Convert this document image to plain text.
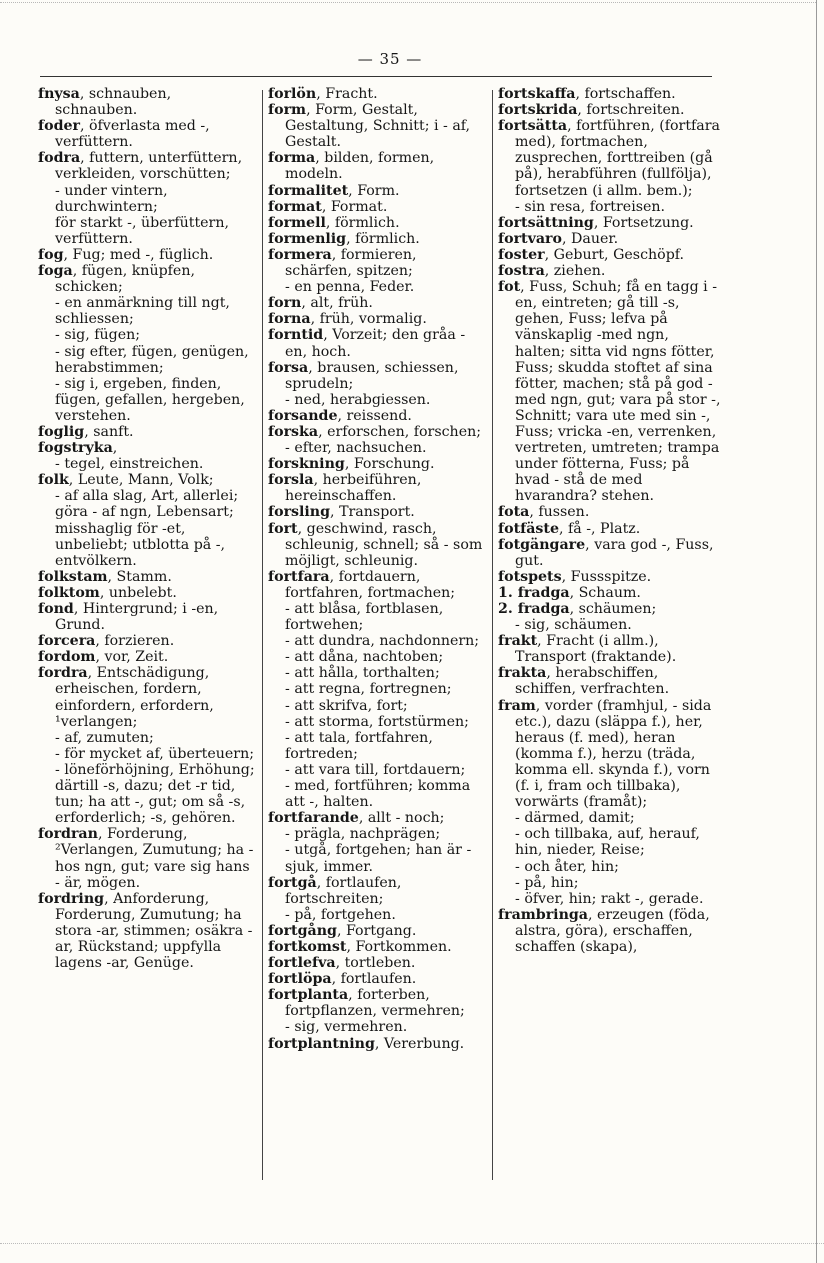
— 35 —

fnysa, schnauben, schnauben.

foder, öfverlasta med -, verfüttern.

fodra, futtern, unterfüttern, verkleiden, vorschütten;

- under vintern, durchwintern;

för starkt -, überfüttern, verfüttern.

fog, Fug; med -, füglich.

foga, fügen, knüpfen, schicken;

- en anmärkning till ngt, schliessen;

- sig, fügen;

- sig efter, fügen, genügen, herabstimmen;

- sig i, ergeben, finden, fügen, gefallen, hergeben, verstehen.

foglig, sanft.

fogstryka,

- tegel, einstreichen.

folk, Leute, Mann, Volk;

- af alla slag, Art, allerlei; göra - af ngn, Lebensart; misshaglig för -et, unbeliebt; utblotta på -, entvölkern.

folkstam, Stamm.

folktom, unbelebt.

fond, Hintergrund; i -en, Grund.

forcera, forzieren.

fordom, vor, Zeit.

fordra, Entschädigung, erheischen, fordern, einfordern, erfordern, ¹verlangen;

- af, zumuten;

- för mycket af, überteuern;

- löneförhöjning, Erhöhung; därtill -s, dazu; det -r tid, tun; ha att -, gut; om så -s, erforderlich; -s, gehören.

fordran, Forderung, ²Verlangen, Zumutung; ha - hos ngn, gut; vare sig hans - är, mögen.

fordring, Anforderung, Forderung, Zumutung; ha stora -ar, stimmen; osäkra -ar, Rückstand; uppfylla lagens -ar, Genüge.

forlön, Fracht.

form, Form, Gestalt, Gestaltung, Schnitt; i - af, Gestalt.

forma, bilden, formen, modeln.

formalitet, Form.

format, Format.

formell, förmlich.

formenlig, förmlich.

formera, formieren, schärfen, spitzen;

- en penna, Feder.

forn, alt, früh.

forna, früh, vormalig.

forntid, Vorzeit; den gråa -en, hoch.

forsa, brausen, schiessen, sprudeln;

- ned, herabgiessen.

forsande, reissend.

forska, erforschen, forschen;

- efter, nachsuchen.

forskning, Forschung.

forsla, herbeiführen, hereinschaffen.

forsling, Transport.

fort, geschwind, rasch, schleunig, schnell; så - som möjligt, schleunig.

fortfara, fortdauern, fortfahren, fortmachen;

- att blåsa, fortblasen, fortwehen;

- att dundra, nachdonnern;

- att dåna, nachtoben;

- att hålla, torthalten;

- att regna, fortregnen;

- att skrifva, fort;

- att storma, fortstürmen;

- att tala, fortfahren, fortreden;

- att vara till, fortdauern;

- med, fortführen; komma att -, halten.

fortfarande, allt - noch;

- prägla, nachprägen;

- utgå, fortgehen; han är - sjuk, immer.

fortgå, fortlaufen, fortschreiten;

- på, fortgehen.

fortgång, Fortgang.

fortkomst, Fortkommen.

fortlefva, tortleben.

fortlöpa, fortlaufen.

fortplanta, forterben, fortpflanzen, vermehren;

- sig, vermehren.

fortplantning, Vererbung.

fortskaffa, fortschaffen.

fortskrida, fortschreiten.

fortsätta, fortführen, (fortfara med), fortmachen, zusprechen, forttreiben (gå på), herabführen (fullfölja), fortsetzen (i allm. bem.);

- sin resa, fortreisen.

fortsättning, Fortsetzung.

fortvaro, Dauer.

foster, Geburt, Geschöpf.

fostra, ziehen.

fot, Fuss, Schuh; få en tagg i -en, eintreten; gå till -s, gehen, Fuss; lefva på vänskaplig -med ngn, halten; sitta vid ngns fötter, Fuss; skudda stoftet af sina fötter, machen; stå på god - med ngn, gut; vara på stor -, Schnitt; vara ute med sin -, Fuss; vricka -en, verrenken, vertreten, umtreten; trampa under fötterna, Fuss; på hvad - stå de med hvarandra? stehen.

fota, fussen.

fotfäste, få -, Platz.

fotgängare, vara god -, Fuss, gut.

fotspets, Fussspitze.

1. fradga, Schaum.

2. fradga, schäumen;

- sig, schäumen.

frakt, Fracht (i allm.), Transport (fraktande).

frakta, herabschiffen, schiffen, verfrachten.

fram, vorder (framhjul, - sida etc.), dazu (släppa f.), her, heraus (f. med), heran (komma f.), herzu (träda, komma ell. skynda f.), vorn (f. i, fram och tillbaka), vorwärts (framåt);

- därmed, damit;

- och tillbaka, auf, herauf, hin, nieder, Reise;

- och åter, hin;

- på, hin;

- öfver, hin; rakt -, gerade.

frambringa, erzeugen (föda, alstra, göra), erschaffen, schaffen (skapa),
